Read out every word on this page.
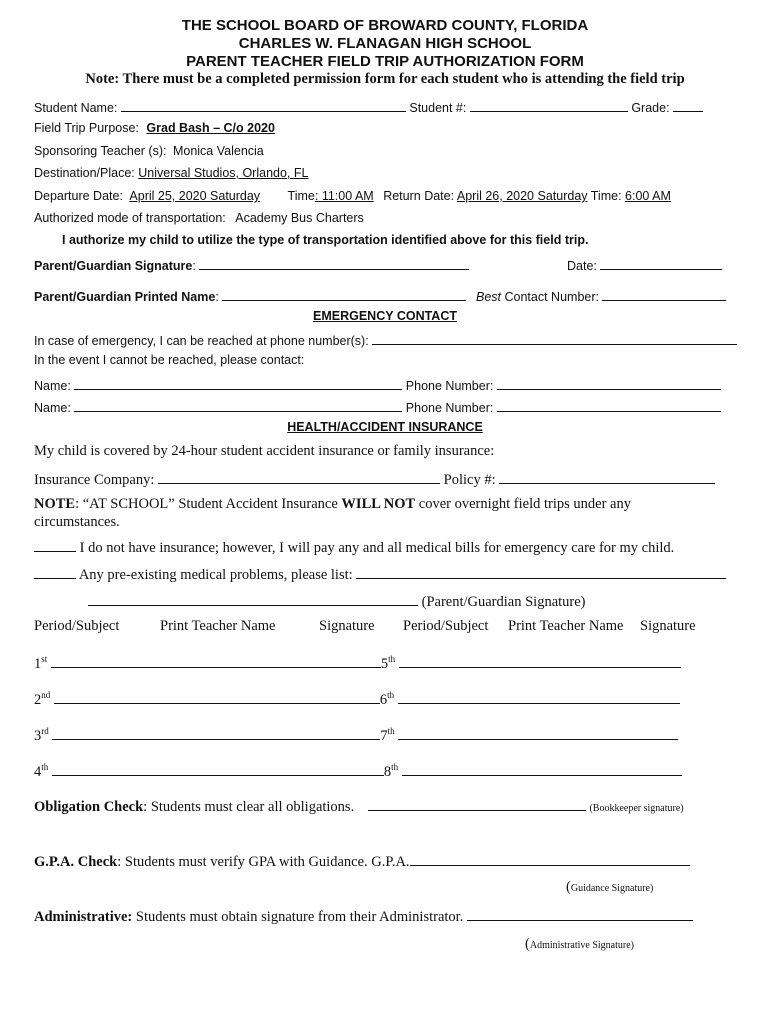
THE SCHOOL BOARD OF BROWARD COUNTY, FLORIDA
CHARLES W. FLANAGAN HIGH SCHOOL
PARENT TEACHER FIELD TRIP AUTHORIZATION FORM
Note: There must be a completed permission form for each student who is attending the field trip
Student Name:	Student #:	Grade:
Field Trip Purpose: Grad Bash – C/o 2020
Sponsoring Teacher (s): Monica Valencia
Destination/Place: Universal Studios, Orlando, FL
Departure Date: April 25, 2020 Saturday Time: 11:00 AM Return Date: April 26, 2020 Saturday Time: 6:00 AM
Authorized mode of transportation: Academy Bus Charters
I authorize my child to utilize the type of transportation identified above for this field trip.
Parent/Guardian Signature:	Date:
Parent/Guardian Printed Name:	Best Contact Number:
EMERGENCY CONTACT
In case of emergency, I can be reached at phone number(s):
In the event I cannot be reached, please contact:
Name:	Phone Number:
Name:	Phone Number:
HEALTH/ACCIDENT INSURANCE
My child is covered by 24-hour student accident insurance or family insurance:
Insurance Company:	Policy #:
NOTE: “AT SCHOOL” Student Accident Insurance WILL NOT cover overnight field trips under any
circumstances.
I do not have insurance; however, I will pay any and all medical bills for emergency care for my child.
Any pre-existing medical problems, please list:
(Parent/Guardian Signature)
Period/Subject	Print Teacher Name	Signature Period/Subject Print Teacher Name Signature
1st	5th
2nd	6th
3rd	7th
4th	8th
Obligation Check: Students must clear all obligations.	(Bookkeeper signature)
G.P.A. Check: Students must verify GPA with Guidance. G.P.A.
(Guidance Signature)
Administrative: Students must obtain signature from their Administrator.
(Administrative Signature)
